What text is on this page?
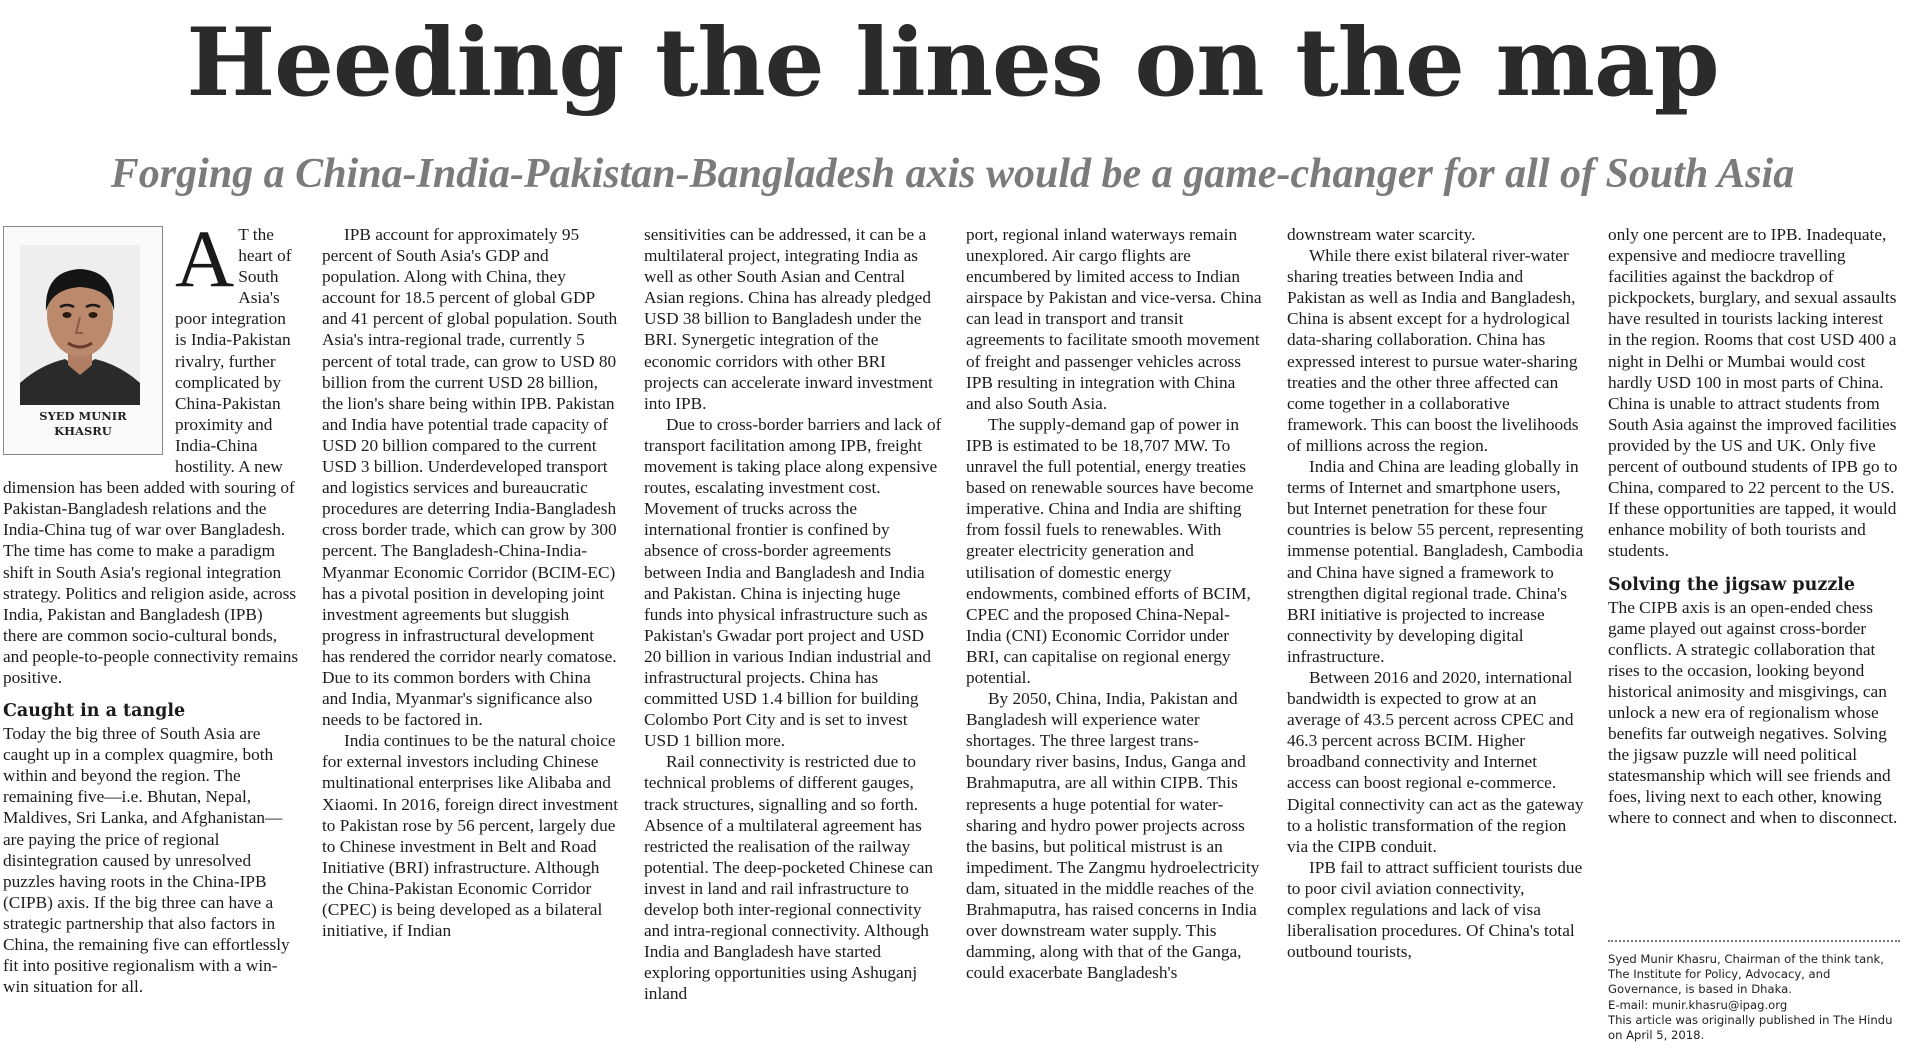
Heeding the lines on the map
Forging a China-India-Pakistan-Bangladesh axis would be a game-changer for all of South Asia
SYED MUNIR
KHASRU
A T the heart of South Asia's poor integration is India-Pakistan rivalry, further complicated by China-Pakistan proximity and India-China hostility. A new dimension has been added with souring of Pakistan-Bangladesh relations and the India-China tug of war over Bangladesh. The time has come to make a paradigm shift in South Asia's regional integration strategy. Politics and religion aside, across India, Pakistan and Bangladesh (IPB) there are common socio-cultural bonds, and people-to-people connectivity remains positive.

Caught in a tangle

Today the big three of South Asia are caught up in a complex quagmire, both within and beyond the region. The remaining five—i.e. Bhutan, Nepal, Maldives, Sri Lanka, and Afghanistan—are paying the price of regional disintegration caused by unresolved puzzles having roots in the China-IPB (CIPB) axis. If the big three can have a strategic partnership that also factors in China, the remaining five can effortlessly fit into positive regionalism with a win-win situation for all.

IPB account for approximately 95 percent of South Asia's GDP and population. Along with China, they account for 18.5 percent of global GDP and 41 percent of global population. South Asia's intra-regional trade, currently 5 percent of total trade, can grow to USD 80 billion from the current USD 28 billion, the lion's share being within IPB. Pakistan and India have potential trade capacity of USD 20 billion compared to the current USD 3 billion. Underdeveloped transport and logistics services and bureaucratic procedures are deterring India-Bangladesh cross border trade, which can grow by 300 percent. The Bangladesh-China-India-Myanmar Economic Corridor (BCIM-EC) has a pivotal position in developing joint investment agreements but sluggish progress in infrastructural development has rendered the corridor nearly comatose. Due to its common borders with China and India, Myanmar's significance also needs to be factored in.

India continues to be the natural choice for external investors including Chinese multinational enterprises like Alibaba and Xiaomi. In 2016, foreign direct investment to Pakistan rose by 56 percent, largely due to Chinese investment in Belt and Road Initiative (BRI) infrastructure. Although the China-Pakistan Economic Corridor (CPEC) is being developed as a bilateral initiative, if Indian

sensitivities can be addressed, it can be a multilateral project, integrating India as well as other South Asian and Central Asian regions. China has already pledged USD 38 billion to Bangladesh under the BRI. Synergetic integration of the economic corridors with other BRI projects can accelerate inward investment into IPB.

Due to cross-border barriers and lack of transport facilitation among IPB, freight movement is taking place along expensive routes, escalating investment cost. Movement of trucks across the international frontier is confined by absence of cross-border agreements between India and Bangladesh and India and Pakistan. China is injecting huge funds into physical infrastructure such as Pakistan's Gwadar port project and USD 20 billion in various Indian industrial and infrastructural projects. China has committed USD 1.4 billion for building Colombo Port City and is set to invest USD 1 billion more.

Rail connectivity is restricted due to technical problems of different gauges, track structures, signalling and so forth. Absence of a multilateral agreement has restricted the realisation of the railway potential. The deep-pocketed Chinese can invest in land and rail infrastructure to develop both inter-regional connectivity and intra-regional connectivity. Although India and Bangladesh have started exploring opportunities using Ashuganj inland

port, regional inland waterways remain unexplored. Air cargo flights are encumbered by limited access to Indian airspace by Pakistan and vice-versa. China can lead in transport and transit agreements to facilitate smooth movement of freight and passenger vehicles across IPB resulting in integration with China and also South Asia.

The supply-demand gap of power in IPB is estimated to be 18,707 MW. To unravel the full potential, energy treaties based on renewable sources have become imperative. China and India are shifting from fossil fuels to renewables. With greater electricity generation and utilisation of domestic energy endowments, combined efforts of BCIM, CPEC and the proposed China-Nepal-India (CNI) Economic Corridor under BRI, can capitalise on regional energy potential.

By 2050, China, India, Pakistan and Bangladesh will experience water shortages. The three largest trans-boundary river basins, Indus, Ganga and Brahmaputra, are all within CIPB. This represents a huge potential for water-sharing and hydro power projects across the basins, but political mistrust is an impediment. The Zangmu hydroelectricity dam, situated in the middle reaches of the Brahmaputra, has raised concerns in India over downstream water supply. This damming, along with that of the Ganga, could exacerbate Bangladesh's

downstream water scarcity.

While there exist bilateral river-water sharing treaties between India and Pakistan as well as India and Bangladesh, China is absent except for a hydrological data-sharing collaboration. China has expressed interest to pursue water-sharing treaties and the other three affected can come together in a collaborative framework. This can boost the livelihoods of millions across the region.

India and China are leading globally in terms of Internet and smartphone users, but Internet penetration for these four countries is below 55 percent, representing immense potential. Bangladesh, Cambodia and China have signed a framework to strengthen digital regional trade. China's BRI initiative is projected to increase connectivity by developing digital infrastructure.

Between 2016 and 2020, international bandwidth is expected to grow at an average of 43.5 percent across CPEC and 46.3 percent across BCIM. Higher broadband connectivity and Internet access can boost regional e-commerce. Digital connectivity can act as the gateway to a holistic transformation of the region via the CIPB conduit.

IPB fail to attract sufficient tourists due to poor civil aviation connectivity, complex regulations and lack of visa liberalisation procedures. Of China's total outbound tourists,

only one percent are to IPB. Inadequate, expensive and mediocre travelling facilities against the backdrop of pickpockets, burglary, and sexual assaults have resulted in tourists lacking interest in the region. Rooms that cost USD 400 a night in Delhi or Mumbai would cost hardly USD 100 in most parts of China. China is unable to attract students from South Asia against the improved facilities provided by the US and UK. Only five percent of outbound students of IPB go to China, compared to 22 percent to the US. If these opportunities are tapped, it would enhance mobility of both tourists and students.

Solving the jigsaw puzzle

The CIPB axis is an open-ended chess game played out against cross-border conflicts. A strategic collaboration that rises to the occasion, looking beyond historical animosity and misgivings, can unlock a new era of regionalism whose benefits far outweigh negatives. Solving the jigsaw puzzle will need political statesmanship which will see friends and foes, living next to each other, knowing where to connect and when to disconnect.

Syed Munir Khasru, Chairman of the think tank, The Institute for Policy, Advocacy, and Governance, is based in Dhaka.
E-mail: munir.khasru@ipag.org
This article was originally published in The Hindu on April 5, 2018.
